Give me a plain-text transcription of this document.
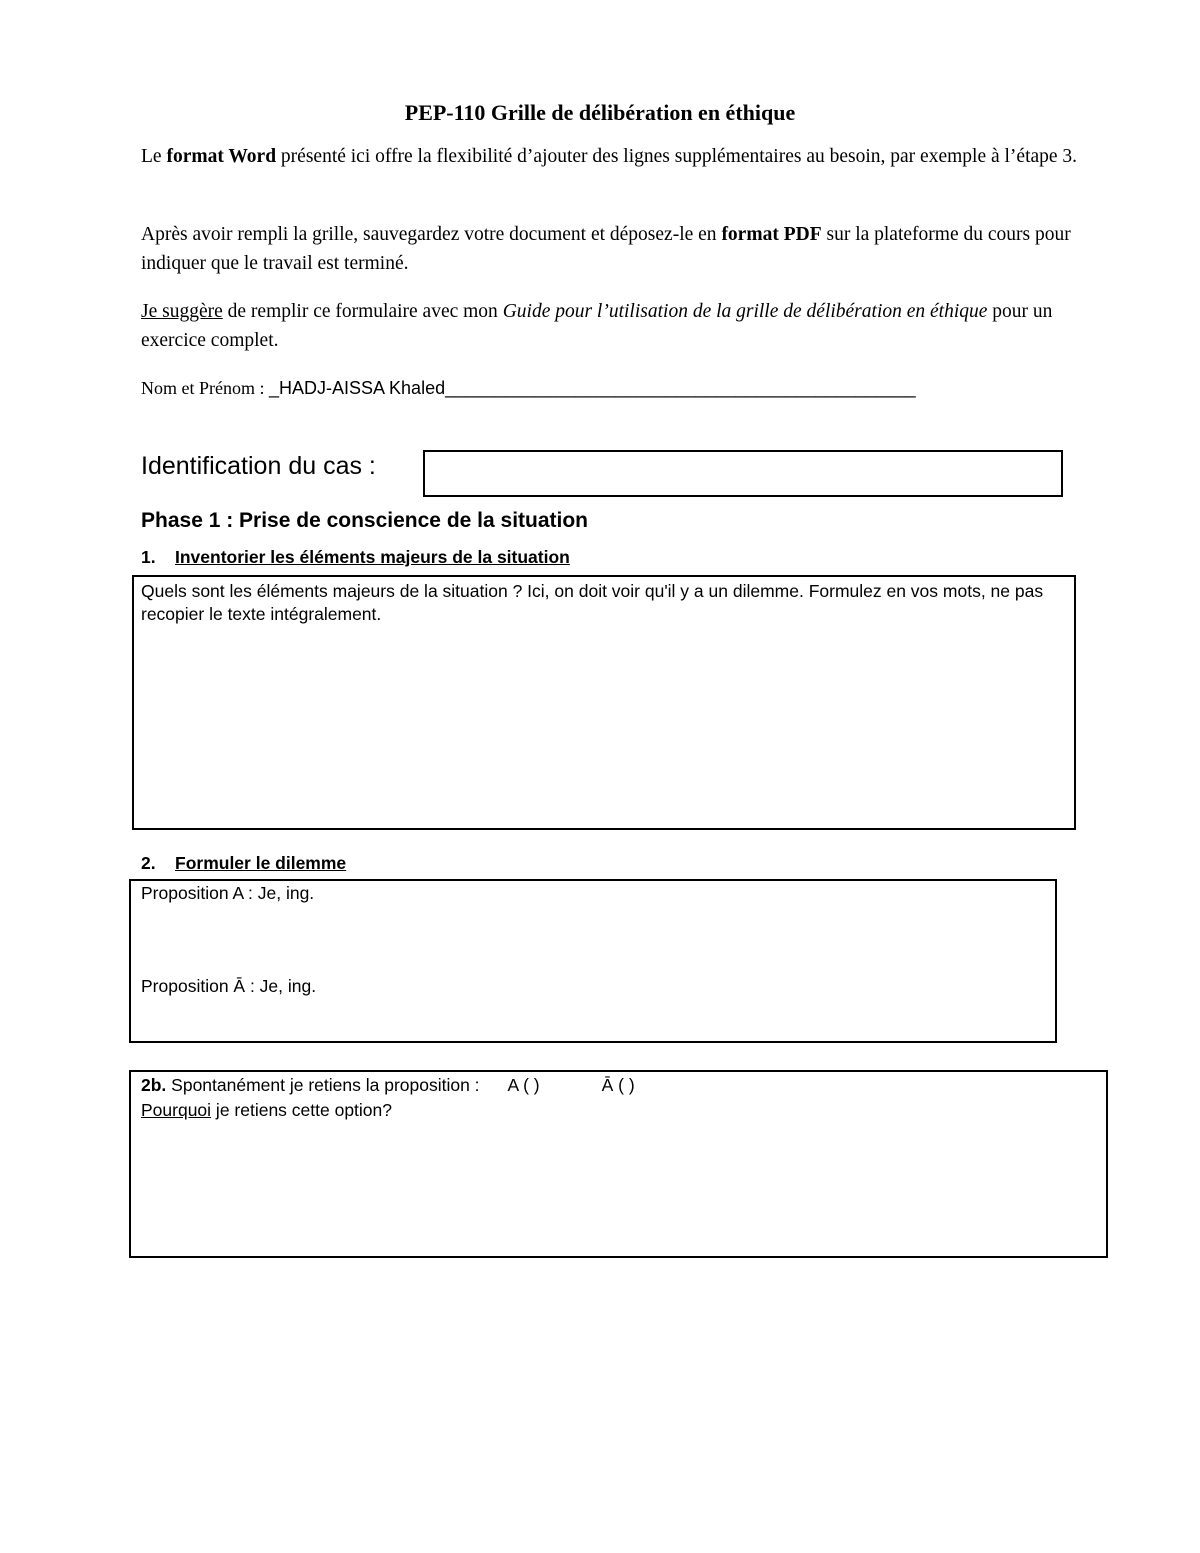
PEP-110 Grille de délibération en éthique
Le format Word présenté ici offre la flexibilité d’ajouter des lignes supplémentaires au besoin, par exemple à l’étape 3.
Après avoir rempli la grille, sauvegardez votre document et déposez-le en format PDF sur la plateforme du cours pour indiquer que le travail est terminé.
Je suggère de remplir ce formulaire avec mon Guide pour l’utilisation de la grille de délibération en éthique pour un exercice complet.
Nom et Prénom : _HADJ-AISSA Khaled_______________________________________________
Identification du cas :
Phase 1 : Prise de conscience de la situation
1. Inventorier les éléments majeurs de la situation
Quels sont les éléments majeurs de la situation ? Ici, on doit voir qu'il y a un dilemme. Formulez en vos mots, ne pas recopier le texte intégralement.
2. Formuler le dilemme
Proposition A : Je, ing.
Proposition Ā : Je, ing.
2b. Spontanément je retiens la proposition : A ( )	Ā ( )
Pourquoi je retiens cette option?
